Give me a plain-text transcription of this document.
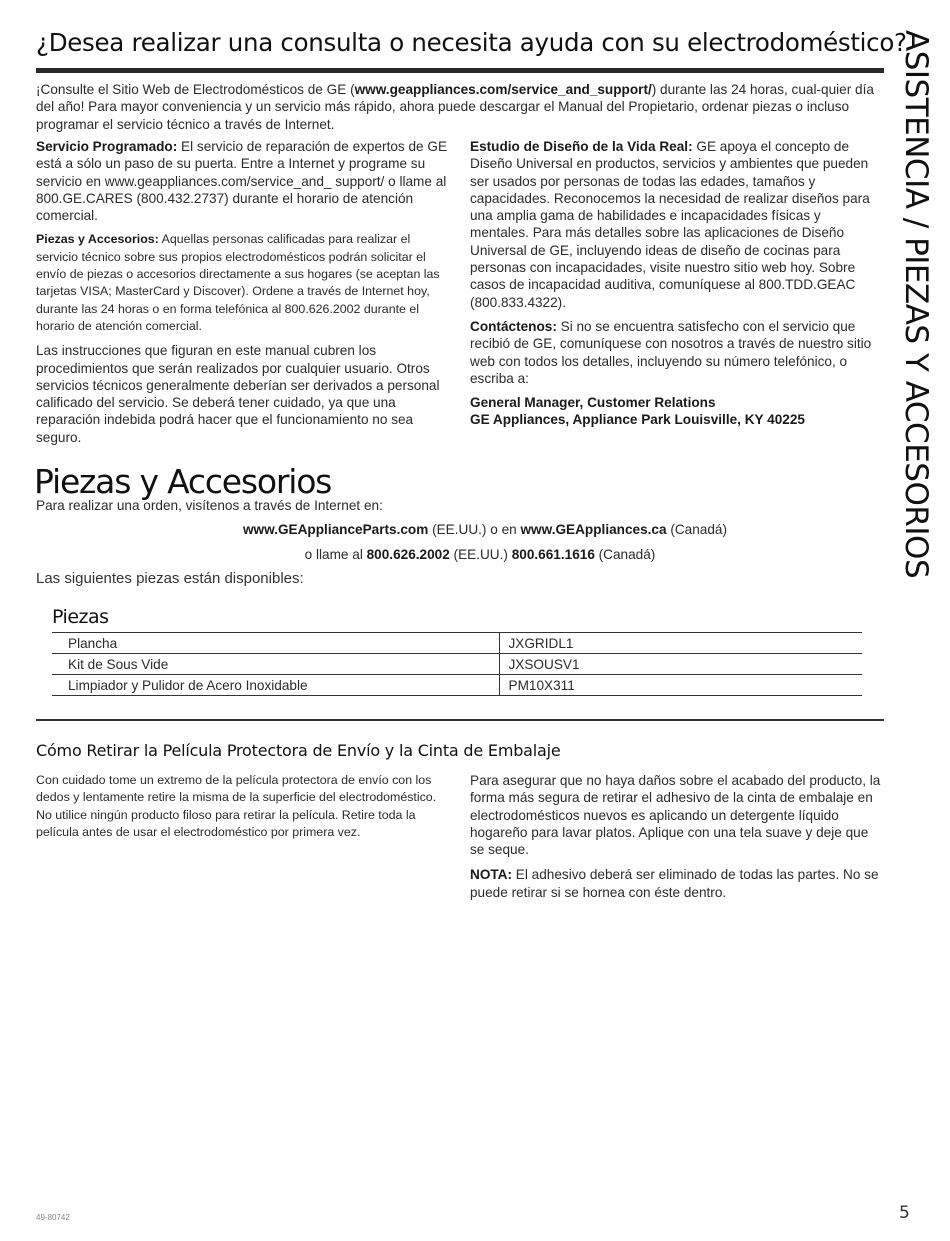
¿Desea realizar una consulta o necesita ayuda con su electrodoméstico?
ASISTENCIA / PIEZAS Y ACCESORIOS

¡Consulte el Sitio Web de Electrodomésticos de GE (www.geappliances.com/service_and_support/) durante las 24 horas, cual-quier día del año! Para mayor conveniencia y un servicio más rápido, ahora puede descargar el Manual del Propietario, ordenar piezas o incluso programar el servicio técnico a través de Internet.

Servicio Programado: El servicio de reparación de expertos de GE está a sólo un paso de su puerta. Entre a Internet y programe su servicio en www.geappliances.com/service_and_ support/ o llame al 800.GE.CARES (800.432.2737) durante el horario de atención comercial.

Piezas y Accesorios: Aquellas personas calificadas para realizar el servicio técnico sobre sus propios electrodomésticos podrán solicitar el envío de piezas o accesorios directamente a sus hogares (se aceptan las tarjetas VISA; MasterCard y Discover). Ordene a través de Internet hoy, durante las 24 horas o en forma telefónica al 800.626.2002 durante el horario de atención comercial.

Las instrucciones que figuran en este manual cubren los procedimientos que serán realizados por cualquier usuario. Otros servicios técnicos generalmente deberían ser derivados a personal calificado del servicio. Se deberá tener cuidado, ya que una reparación indebida podrá hacer que el funcionamiento no sea seguro.

Estudio de Diseño de la Vida Real: GE apoya el concepto de Diseño Universal en productos, servicios y ambientes que pueden ser usados por personas de todas las edades, tamaños y capacidades. Reconocemos la necesidad de realizar diseños para una amplia gama de habilidades e incapacidades físicas y mentales. Para más detalles sobre las aplicaciones de Diseño Universal de GE, incluyendo ideas de diseño de cocinas para personas con incapacidades, visite nuestro sitio web hoy. Sobre casos de incapacidad auditiva, comuníquese al 800.TDD.GEAC (800.833.4322).

Contáctenos: Si no se encuentra satisfecho con el servicio que recibió de GE, comuníquese con nosotros a través de nuestro sitio web con todos los detalles, incluyendo su número telefónico, o escriba a:

General Manager, Customer Relations

GE Appliances, Appliance Park Louisville, KY 40225

Piezas y Accesorios

Para realizar una orden, visítenos a través de Internet en:

www.GEApplianceParts.com (EE.UU.) o en www.GEAppliances.ca (Canadá)

o llame al 800.626.2002 (EE.UU.) 800.661.1616 (Canadá)

Las siguientes piezas están disponibles:
Piezas
Plancha	JXGRIDL1
Kit de Sous Vide	JXSOUSV1
Limpiador y Pulidor de Acero Inoxidable	PM10X311
Cómo Retirar la Película Protectora de Envío y la Cinta de Embalaje

Con cuidado tome un extremo de la película protectora de envío con los dedos y lentamente retire la misma de la superficie del electrodoméstico. No utilice ningún producto filoso para retirar la película. Retire toda la película antes de usar el electrodoméstico por primera vez.

Para asegurar que no haya daños sobre el acabado del producto, la forma más segura de retirar el adhesivo de la cinta de embalaje en electrodomésticos nuevos es aplicando un detergente líquido hogareño para lavar platos. Aplique con una tela suave y deje que se seque.

NOTA: El adhesivo deberá ser eliminado de todas las partes. No se puede retirar si se hornea con éste dentro.

49-80742	5
